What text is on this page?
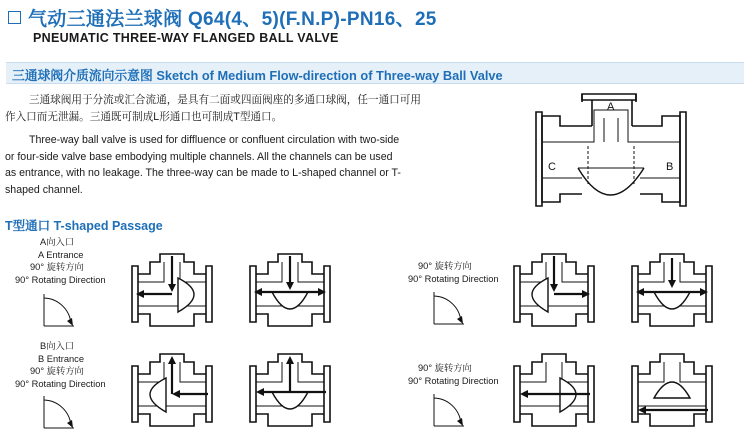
气动三通法兰球阀 Q64(4、5)(F.N.P)-PN16、25
PNEUMATIC THREE-WAY FLANGED BALL VALVE
三通球阀介质流向示意图 Sketch of Medium Flow-direction of Three-way Ball Valve
三通球阀用于分流或汇合流通，是具有二面或四面阀座的多通口球阀，任一通口可用作入口而无泄漏。三通既可制成L形通口也可制成T型通口。
Three-way ball valve is used for diffluence or confluent circulation with two-side or four-side valve base embodying multiple channels. All the channels can be used as entrance, with no leakage. The three-way can be made to L-shaped channel or T-shaped channel.
A
C	B
T型通口 T-shaped Passage
A向入口
A Entrance
90° 旋转方向
90° Rotating Direction
90° 旋转方向
90° Rotating Direction
B向入口
B Entrance
90° 旋转方向
90° Rotating Direction
90° 旋转方向
90° Rotating Direction
